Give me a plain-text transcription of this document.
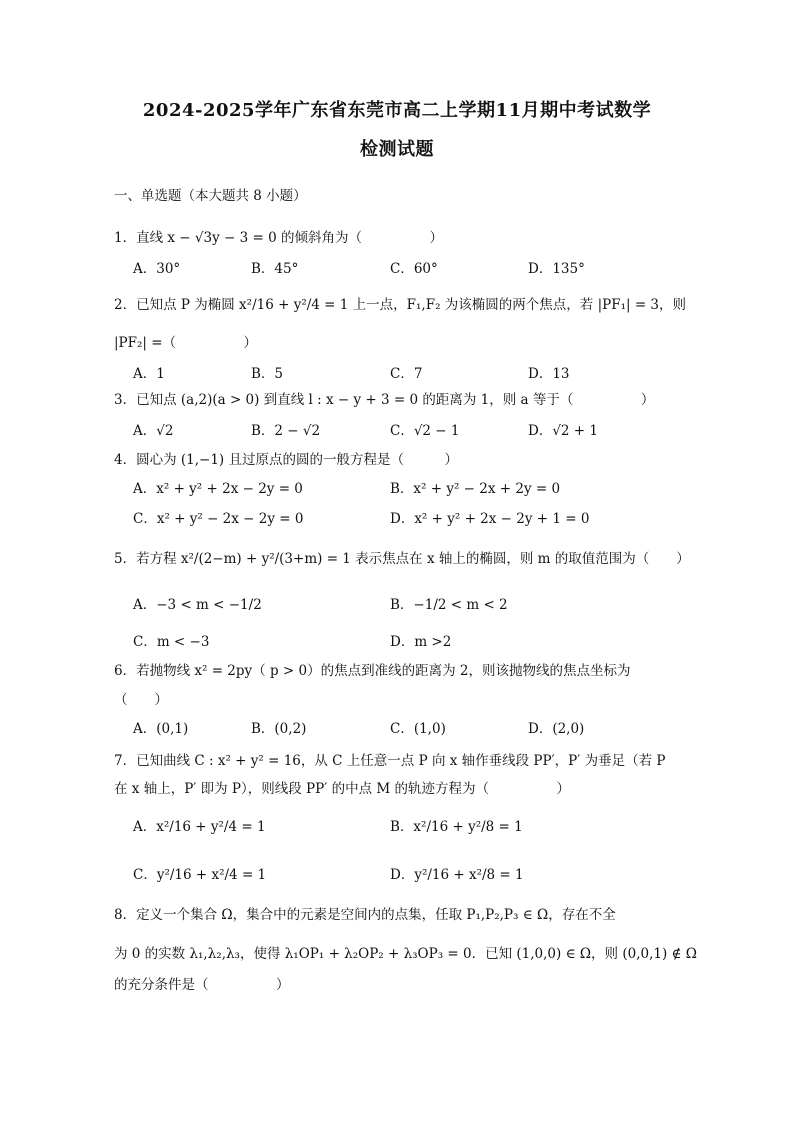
2024-2025学年广东省东莞市高二上学期11月期中考试数学
检测试题
一、单选题（本大题共 8 小题）
1．直线 x − √3y − 3 = 0 的倾斜角为（　　　　　）
A．30°	B．45°	C．60°	D．135°
2．已知点 P 为椭圆 x²/16 + y²/4 = 1 上一点，F₁,F₂ 为该椭圆的两个焦点，若 |PF₁| = 3，则
|PF₂| =（　　　　　）
A．1	B．5	C．7	D．13
3．已知点 (a,2)(a > 0) 到直线 l : x − y + 3 = 0 的距离为 1，则 a 等于（　　　　　）
A．√2	B．2 − √2	C．√2 − 1	D．√2 + 1
4．圆心为 (1,−1) 且过原点的圆的一般方程是（　　　）
A．x² + y² + 2x − 2y = 0	B．x² + y² − 2x + 2y = 0
C．x² + y² − 2x − 2y = 0	D．x² + y² + 2x − 2y + 1 = 0
5．若方程 x²/(2−m) + y²/(3+m) = 1 表示焦点在 x 轴上的椭圆，则 m 的取值范围为（　　）
A．−3 < m < −1/2	B．−1/2 < m < 2
C．m < −3	D．m >2
6．若抛物线 x² = 2py（ p > 0）的焦点到准线的距离为 2，则该抛物线的焦点坐标为
（　　）
A．(0,1)	B．(0,2)	C．(1,0)	D．(2,0)
7．已知曲线 C : x² + y² = 16，从 C 上任意一点 P 向 x 轴作垂线段 PP′，P′ 为垂足（若 P
在 x 轴上，P′ 即为 P），则线段 PP′ 的中点 M 的轨迹方程为（　　　　　）
A．x²/16 + y²/4 = 1	B．x²/16 + y²/8 = 1
C．y²/16 + x²/4 = 1	D．y²/16 + x²/8 = 1
8．定义一个集合 Ω，集合中的元素是空间内的点集，任取 P₁,P₂,P₃ ∈ Ω，存在不全
为 0 的实数 λ₁,λ₂,λ₃，使得 λ₁OP₁ + λ₂OP₂ + λ₃OP₃ = 0．已知 (1,0,0) ∈ Ω，则 (0,0,1) ∉ Ω
的充分条件是（　　　　　）
